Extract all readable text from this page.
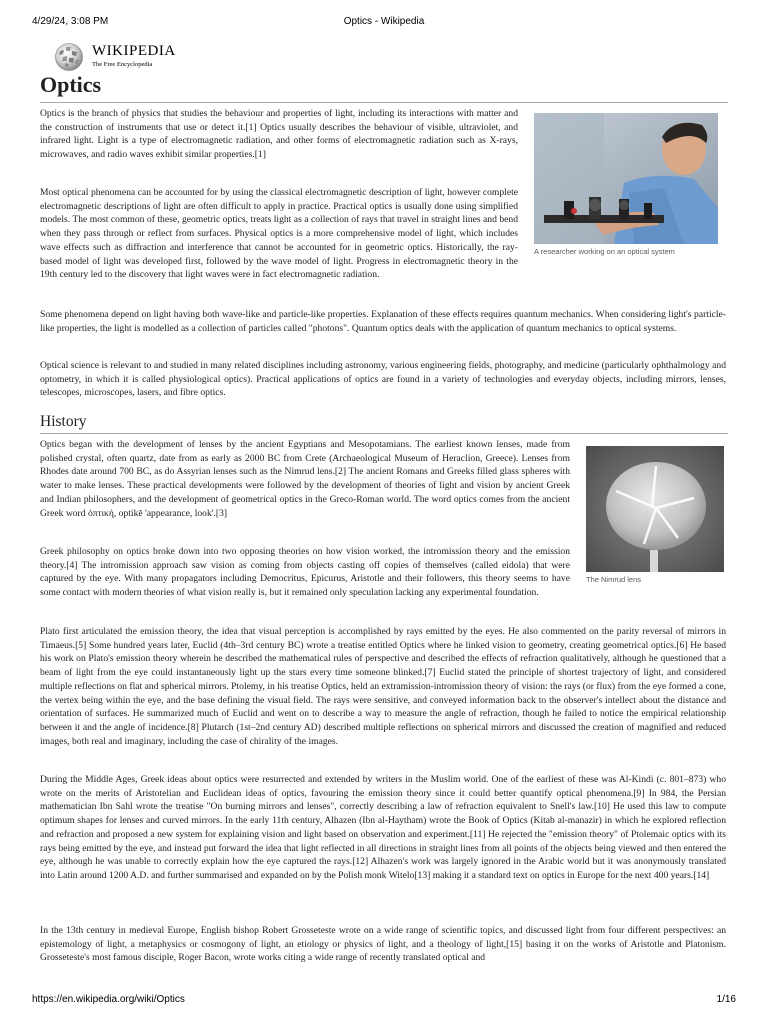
4/29/24, 3:08 PM	Optics - Wikipedia
WIKIPEDIA
The Free Encyclopedia
Optics

Optics is the branch of physics that studies the behaviour and properties of light, including its interactions with matter and the construction of instruments that use or detect it.[1] Optics usually describes the behaviour of visible, ultraviolet, and infrared light. Light is a type of electromagnetic radiation, and other forms of electromagnetic radiation such as X-rays, microwaves, and radio waves exhibit similar properties.[1]

Most optical phenomena can be accounted for by using the classical electromagnetic description of light, however complete electromagnetic descriptions of light are often difficult to apply in practice. Practical optics is usually done using simplified models. The most common of these, geometric optics, treats light as a collection of rays that travel in straight lines and bend when they pass through or reflect from surfaces. Physical optics is a more comprehensive model of light, which includes wave effects such as diffraction and interference that cannot be accounted for in geometric optics. Historically, the ray-based model of light was developed first, followed by the wave model of light. Progress in electromagnetic theory in the 19th century led to the discovery that light waves were in fact electromagnetic radiation.

Some phenomena depend on light having both wave-like and particle-like properties. Explanation of these effects requires quantum mechanics. When considering light's particle-like properties, the light is modelled as a collection of particles called "photons". Quantum optics deals with the application of quantum mechanics to optical systems.

Optical science is relevant to and studied in many related disciplines including astronomy, various engineering fields, photography, and medicine (particularly ophthalmology and optometry, in which it is called physiological optics). Practical applications of optics are found in a variety of technologies and everyday objects, including mirrors, lenses, telescopes, microscopes, lasers, and fibre optics.

A researcher working on an optical system
History
The Nimrud lens

Optics began with the development of lenses by the ancient Egyptians and Mesopotamians. The earliest known lenses, made from polished crystal, often quartz, date from as early as 2000 BC from Crete (Archaeological Museum of Heraclion, Greece). Lenses from Rhodes date around 700 BC, as do Assyrian lenses such as the Nimrud lens.[2] The ancient Romans and Greeks filled glass spheres with water to make lenses. These practical developments were followed by the development of theories of light and vision by ancient Greek and Indian philosophers, and the development of geometrical optics in the Greco-Roman world. The word optics comes from the ancient Greek word ὀπτική, optikē 'appearance, look'.[3]

Greek philosophy on optics broke down into two opposing theories on how vision worked, the intromission theory and the emission theory.[4] The intromission approach saw vision as coming from objects casting off copies of themselves (called eidola) that were captured by the eye. With many propagators including Democritus, Epicurus, Aristotle and their followers, this theory seems to have some contact with modern theories of what vision really is, but it remained only speculation lacking any experimental foundation.

Plato first articulated the emission theory, the idea that visual perception is accomplished by rays emitted by the eyes. He also commented on the parity reversal of mirrors in Timaeus.[5] Some hundred years later, Euclid (4th–3rd century BC) wrote a treatise entitled Optics where he linked vision to geometry, creating geometrical optics.[6] He based his work on Plato's emission theory wherein he described the mathematical rules of perspective and described the effects of refraction qualitatively, although he questioned that a beam of light from the eye could instantaneously light up the stars every time someone blinked.[7] Euclid stated the principle of shortest trajectory of light, and considered multiple reflections on flat and spherical mirrors. Ptolemy, in his treatise Optics, held an extramission-intromission theory of vision: the rays (or flux) from the eye formed a cone, the vertex being within the eye, and the base defining the visual field. The rays were sensitive, and conveyed information back to the observer's intellect about the distance and orientation of surfaces. He summarized much of Euclid and went on to describe a way to measure the angle of refraction, though he failed to notice the empirical relationship between it and the angle of incidence.[8] Plutarch (1st–2nd century AD) described multiple reflections on spherical mirrors and discussed the creation of magnified and reduced images, both real and imaginary, including the case of chirality of the images.

During the Middle Ages, Greek ideas about optics were resurrected and extended by writers in the Muslim world. One of the earliest of these was Al-Kindi (c. 801–873) who wrote on the merits of Aristotelian and Euclidean ideas of optics, favouring the emission theory since it could better quantify optical phenomena.[9] In 984, the Persian mathematician Ibn Sahl wrote the treatise "On burning mirrors and lenses", correctly describing a law of refraction equivalent to Snell's law.[10] He used this law to compute optimum shapes for lenses and curved mirrors. In the early 11th century, Alhazen (Ibn al-Haytham) wrote the Book of Optics (Kitab al-manazir) in which he explored reflection and refraction and proposed a new system for explaining vision and light based on observation and experiment.[11] He rejected the "emission theory" of Ptolemaic optics with its rays being emitted by the eye, and instead put forward the idea that light reflected in all directions in straight lines from all points of the objects being viewed and then entered the eye, although he was unable to correctly explain how the eye captured the rays.[12] Alhazen's work was largely ignored in the Arabic world but it was anonymously translated into Latin around 1200 A.D. and further summarised and expanded on by the Polish monk Witelo[13] making it a standard text on optics in Europe for the next 400 years.[14]

In the 13th century in medieval Europe, English bishop Robert Grosseteste wrote on a wide range of scientific topics, and discussed light from four different perspectives: an epistemology of light, a metaphysics or cosmogony of light, an etiology or physics of light, and a theology of light,[15] basing it on the works of Aristotle and Platonism. Grosseteste's most famous disciple, Roger Bacon, wrote works citing a wide range of recently translated optical and

https://en.wikipedia.org/wiki/Optics	1/16
